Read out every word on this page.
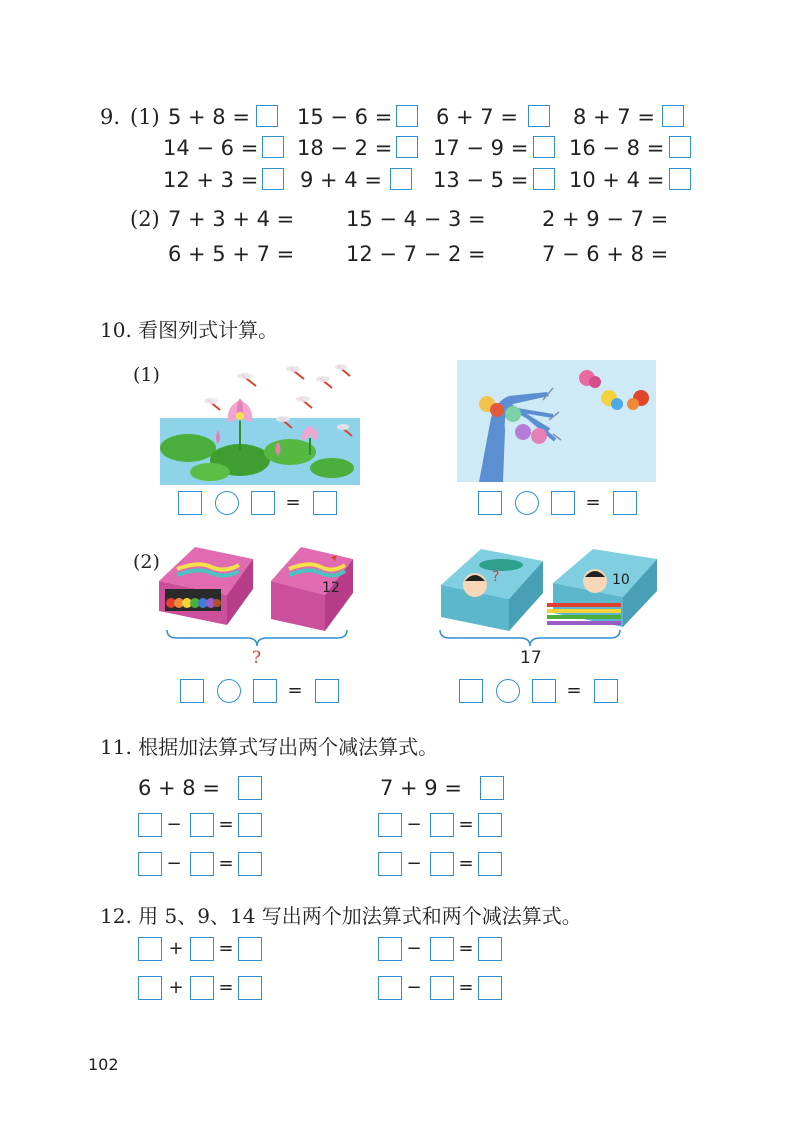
9. (1) 5 + 8 = 15 − 6 = 6 + 7 =	8 + 7 =
14 − 6 = 18 − 2 = 17 − 9 = 16 − 8 =
12 + 3 = 9 + 4 = 13 − 5 = 10 + 4 =
(2) 7 + 3 + 4 = 15 − 4 − 3 =	2 + 9 − 7 =
6 + 5 + 7 = 12 − 7 − 2 =	7 − 6 + 8 =
10. 看图列式计算。
(1)
=	=
(2)
12
?	10
?	17
=	=
11. 根据加法算式写出两个减法算式。
6 + 8 =	7 + 9 =
− =	− =
− =	− =
12. 用 5、9、14 写出两个加法算式和两个减法算式。
+ =	− =
+ =	− =
102
